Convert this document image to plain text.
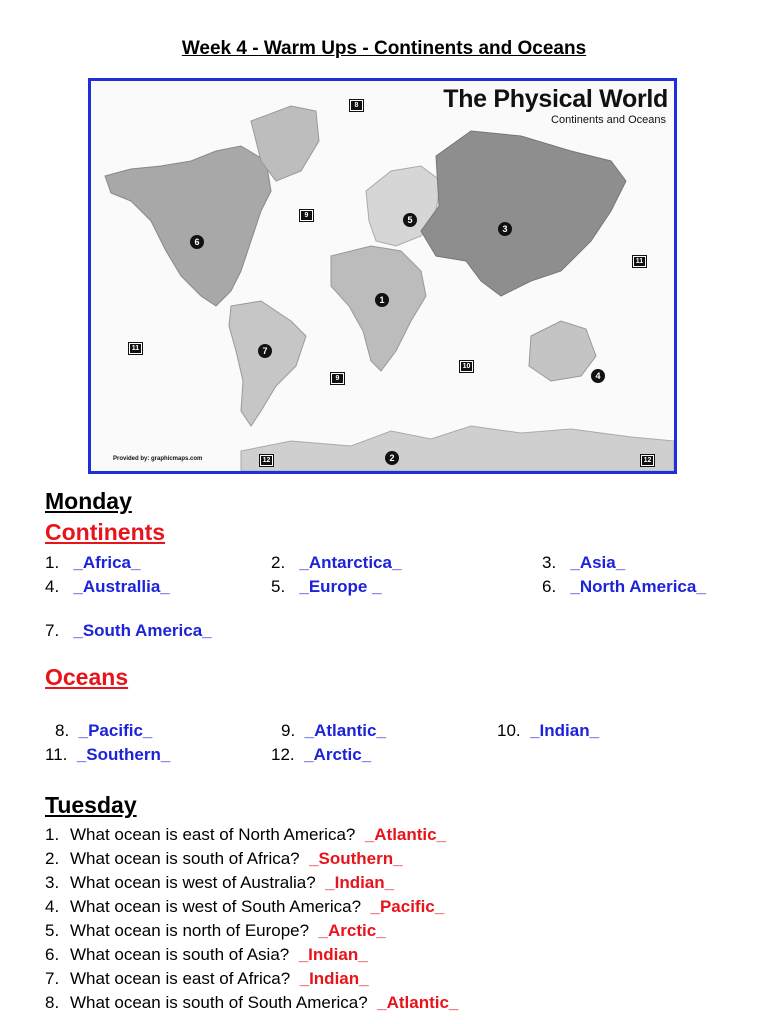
Week 4 - Warm Ups - Continents and Oceans
The Physical World
Continents and Oceans
Provided by: graphicmaps.com
1
2
3
4
5
6
7
8
9
9
10
11
11
12	12
Monday
Continents
1. _Africa_	2. _Antarctica_	3. _Asia_
4. _Australlia_	5. _Europe _	6. _North America_
7. _South America_
Oceans
8. _Pacific_	9. _Atlantic_	10. _Indian_
11. _Southern_	12. _Arctic_
Tuesday
1. What ocean is east of North America? _Atlantic_
2. What ocean is south of Africa? _Southern_
3. What ocean is west of Australia? _Indian_
4. What ocean is west of South America? _Pacific_
5. What ocean is north of Europe? _Arctic_
6. What ocean is south of Asia? _Indian_
7. What ocean is east of Africa? _Indian_
8. What ocean is south of South America? _Atlantic_
